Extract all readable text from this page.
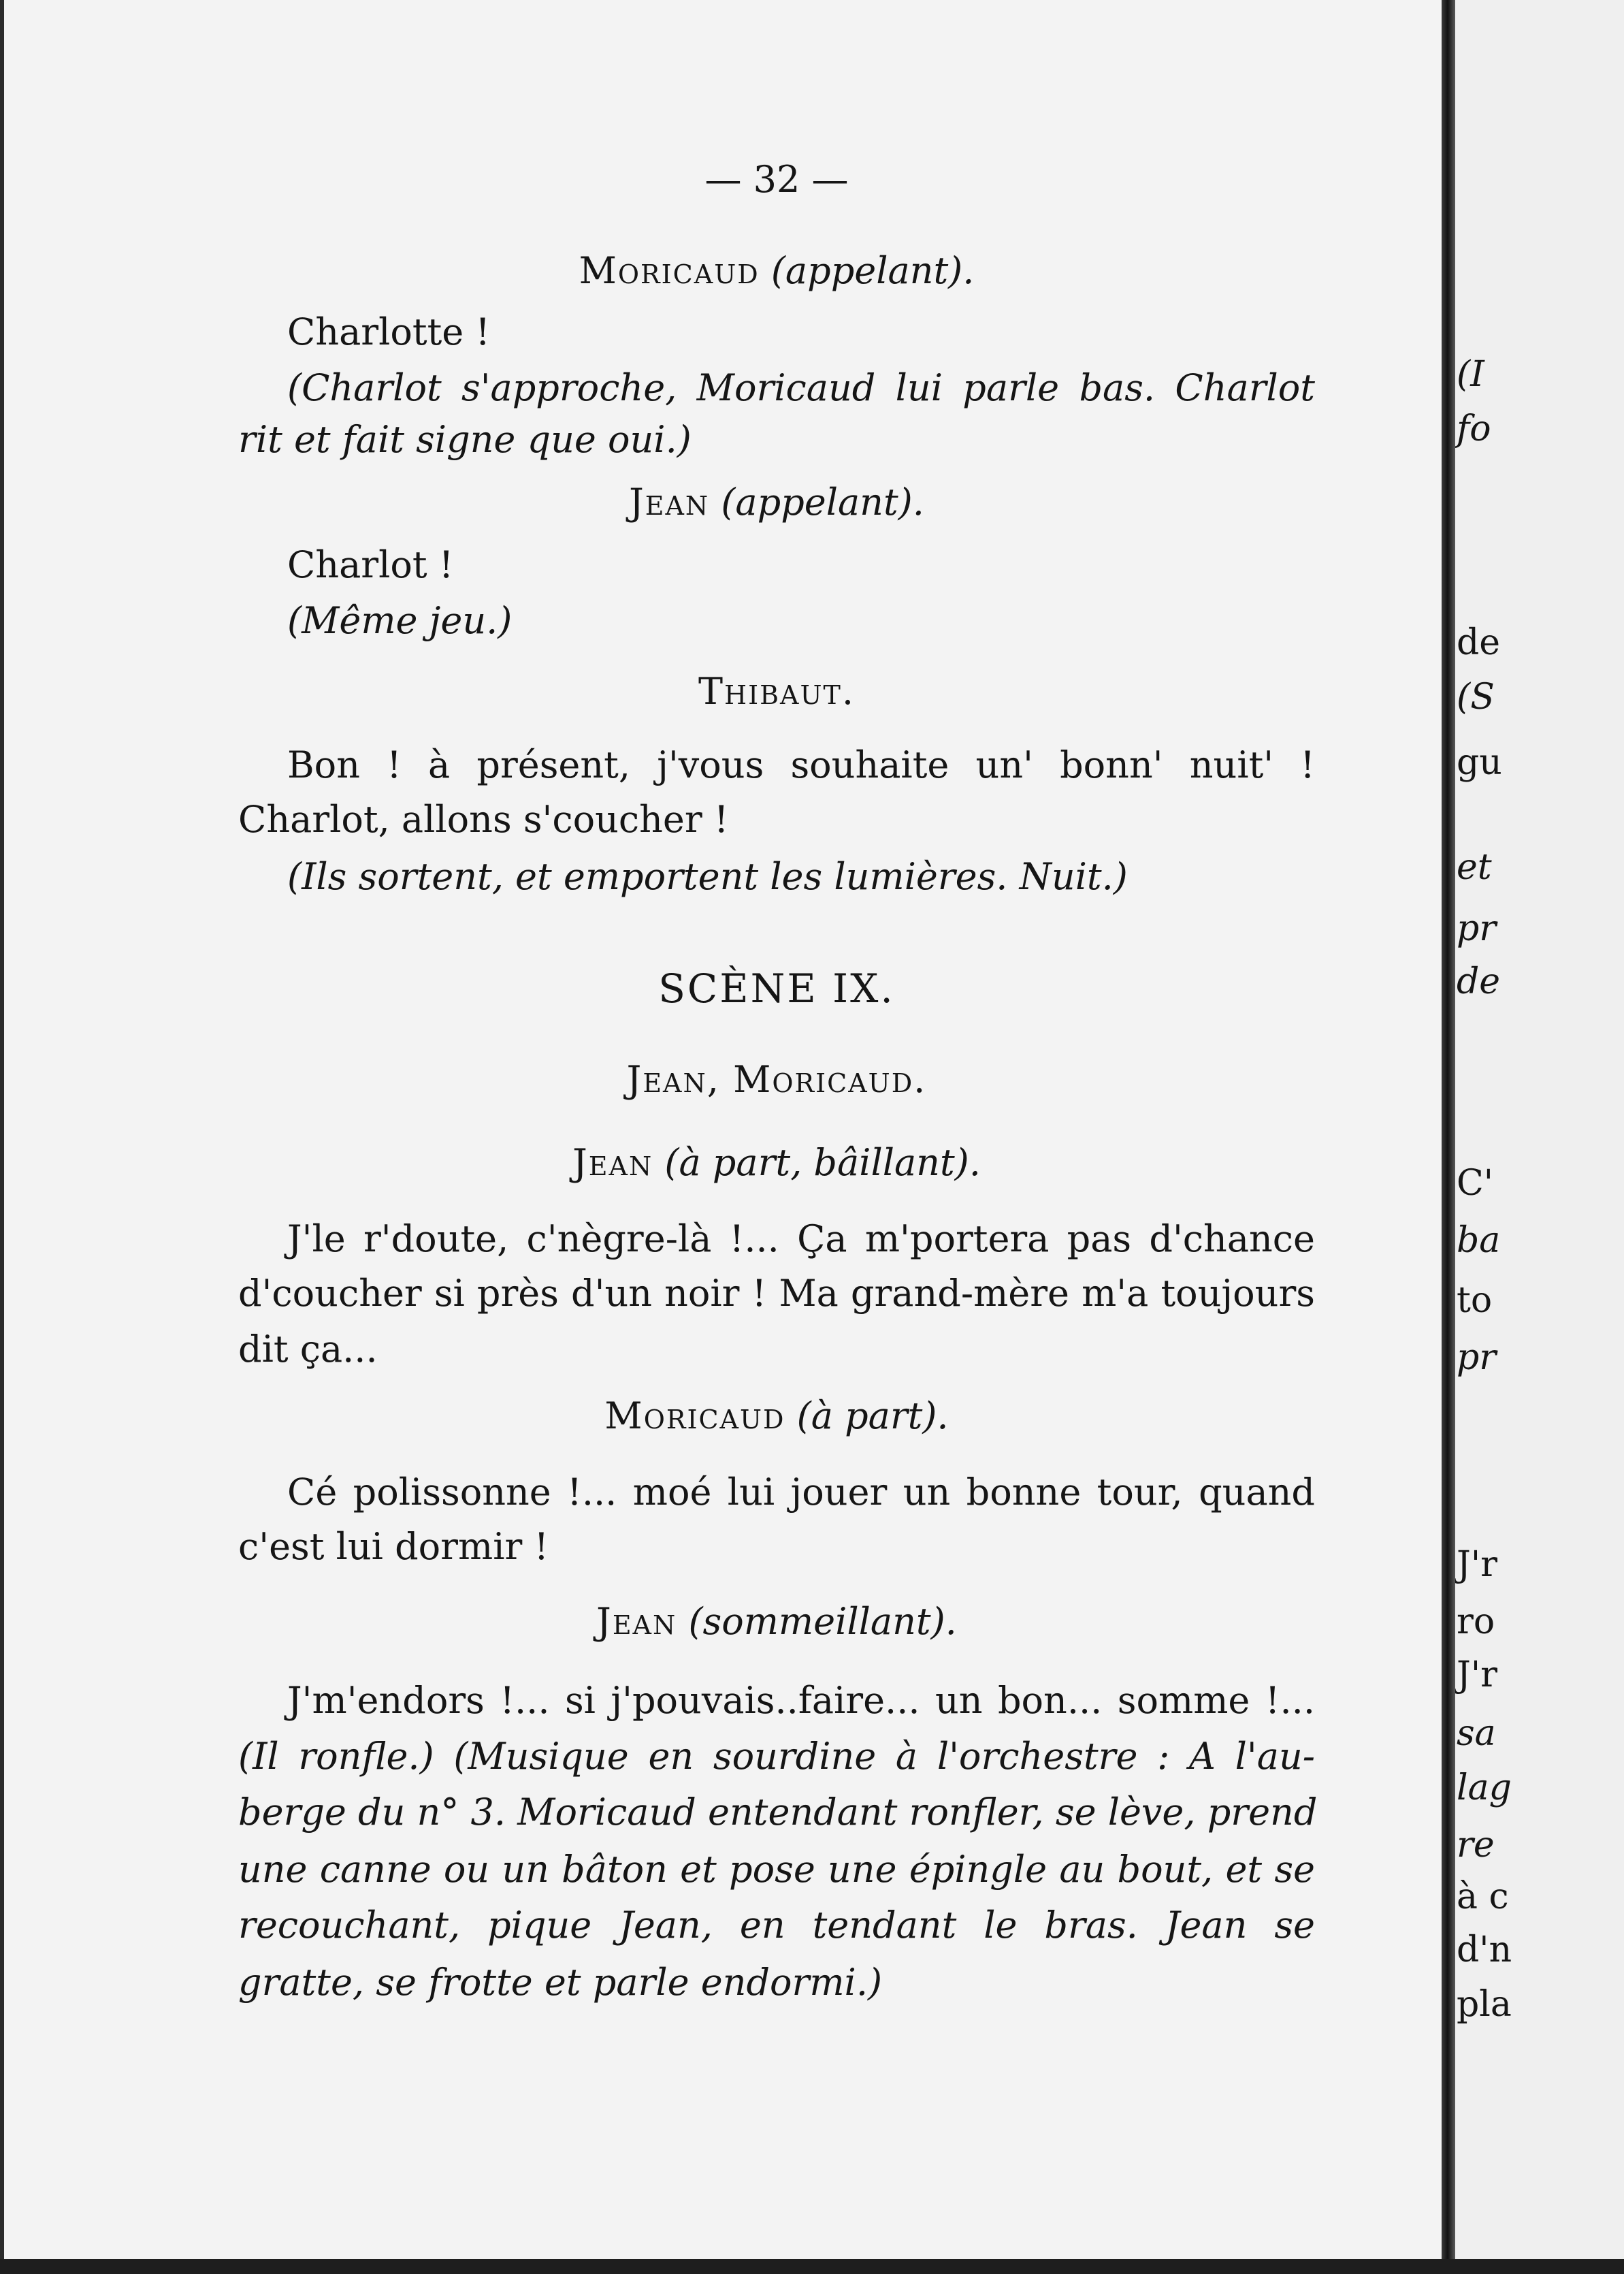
— 32 —
Moricaud (appelant).
Charlotte !
(Charlot s'approche, Moricaud lui parle bas. Charlot
rit et fait signe que oui.)
Jean (appelant).
Charlot !
(Même jeu.)
Thibaut.
Bon ! à présent, j'vous souhaite un' bonn' nuit' !
Charlot, allons s'coucher !
(Ils sortent, et emportent les lumières. Nuit.)
SCÈNE IX.
Jean, Moricaud.
Jean (à part, bâillant).
J'le r'doute, c'nègre-là !... Ça m'portera pas d'chance
d'coucher si près d'un noir ! Ma grand-mère m'a toujours
dit ça...
Moricaud (à part).
Cé polissonne !... moé lui jouer un bonne tour, quand
c'est lui dormir !
Jean (sommeillant).
J'm'endors !... si j'pouvais..faire... un bon... somme !...
(Il ronfle.) (Musique en sourdine à l'orchestre : A l'au-
berge du n° 3. Moricaud entendant ronfler, se lève, prend
une canne ou un bâton et pose une épingle au bout, et se
recouchant, pique Jean, en tendant le bras. Jean se
gratte, se frotte et parle endormi.)
(I
fo
de
(S
gu
et
pr
de
C'
ba
to
pr
J'r
ro
J'r
sa
lag
re
à c
d'n
pla
